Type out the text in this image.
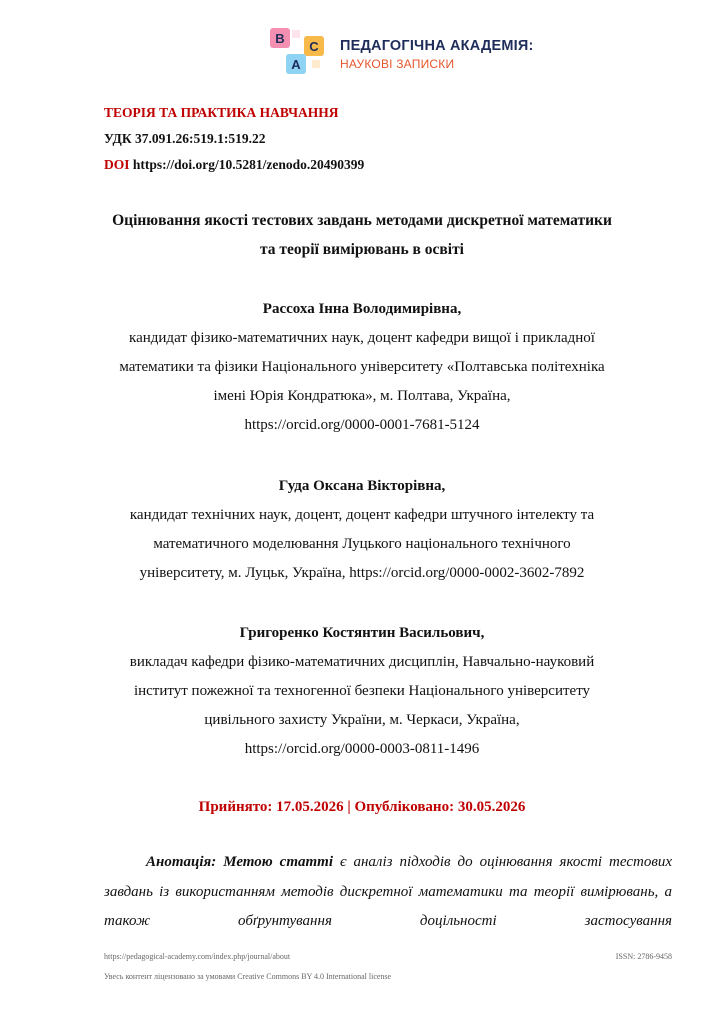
B
C
A
ПЕДАГОГІЧНА АКАДЕМІЯ:
НАУКОВІ ЗАПИСКИ
ТЕОРІЯ ТА ПРАКТИКА НАВЧАННЯ
УДК 37.091.26:519.1:519.22
DOI https://doi.org/10.5281/zenodo.20490399
Оцінювання якості тестових завдань методами дискретної математики
та теорії вимірювань в освіті
Рассоха Інна Володимирівна,
кандидат фізико-математичних наук, доцент кафедри вищої і прикладної
математики та фізики Національного університету «Полтавська політехніка
імені Юрія Кондратюка», м. Полтава, Україна,
https://orcid.org/0000-0001-7681-5124
Гуда Оксана Вікторівна,
кандидат технічних наук, доцент, доцент кафедри штучного інтелекту та
математичного моделювання Луцького національного технічного
університету, м. Луцьк, Україна, https://orcid.org/0000-0002-3602-7892
Григоренко Костянтин Васильович,
викладач кафедри фізико-математичних дисциплін, Навчально-науковий
інститут пожежної та техногенної безпеки Національного університету
цивільного захисту України, м. Черкаси, Україна,
https://orcid.org/0000-0003-0811-1496
Прийнято: 17.05.2026 | Опубліковано: 30.05.2026
Анотація: Метою статті є аналіз підходів до оцінювання якості тестових завдань із використанням методів дискретної математики та теорії вимірювань, а також обґрунтування доцільності застосування
https://pedagogical-academy.com/index.php/journal/about	ISSN: 2786-9458
Увесь контент ліцензовано за умовами Creative Commons BY 4.0 International license
